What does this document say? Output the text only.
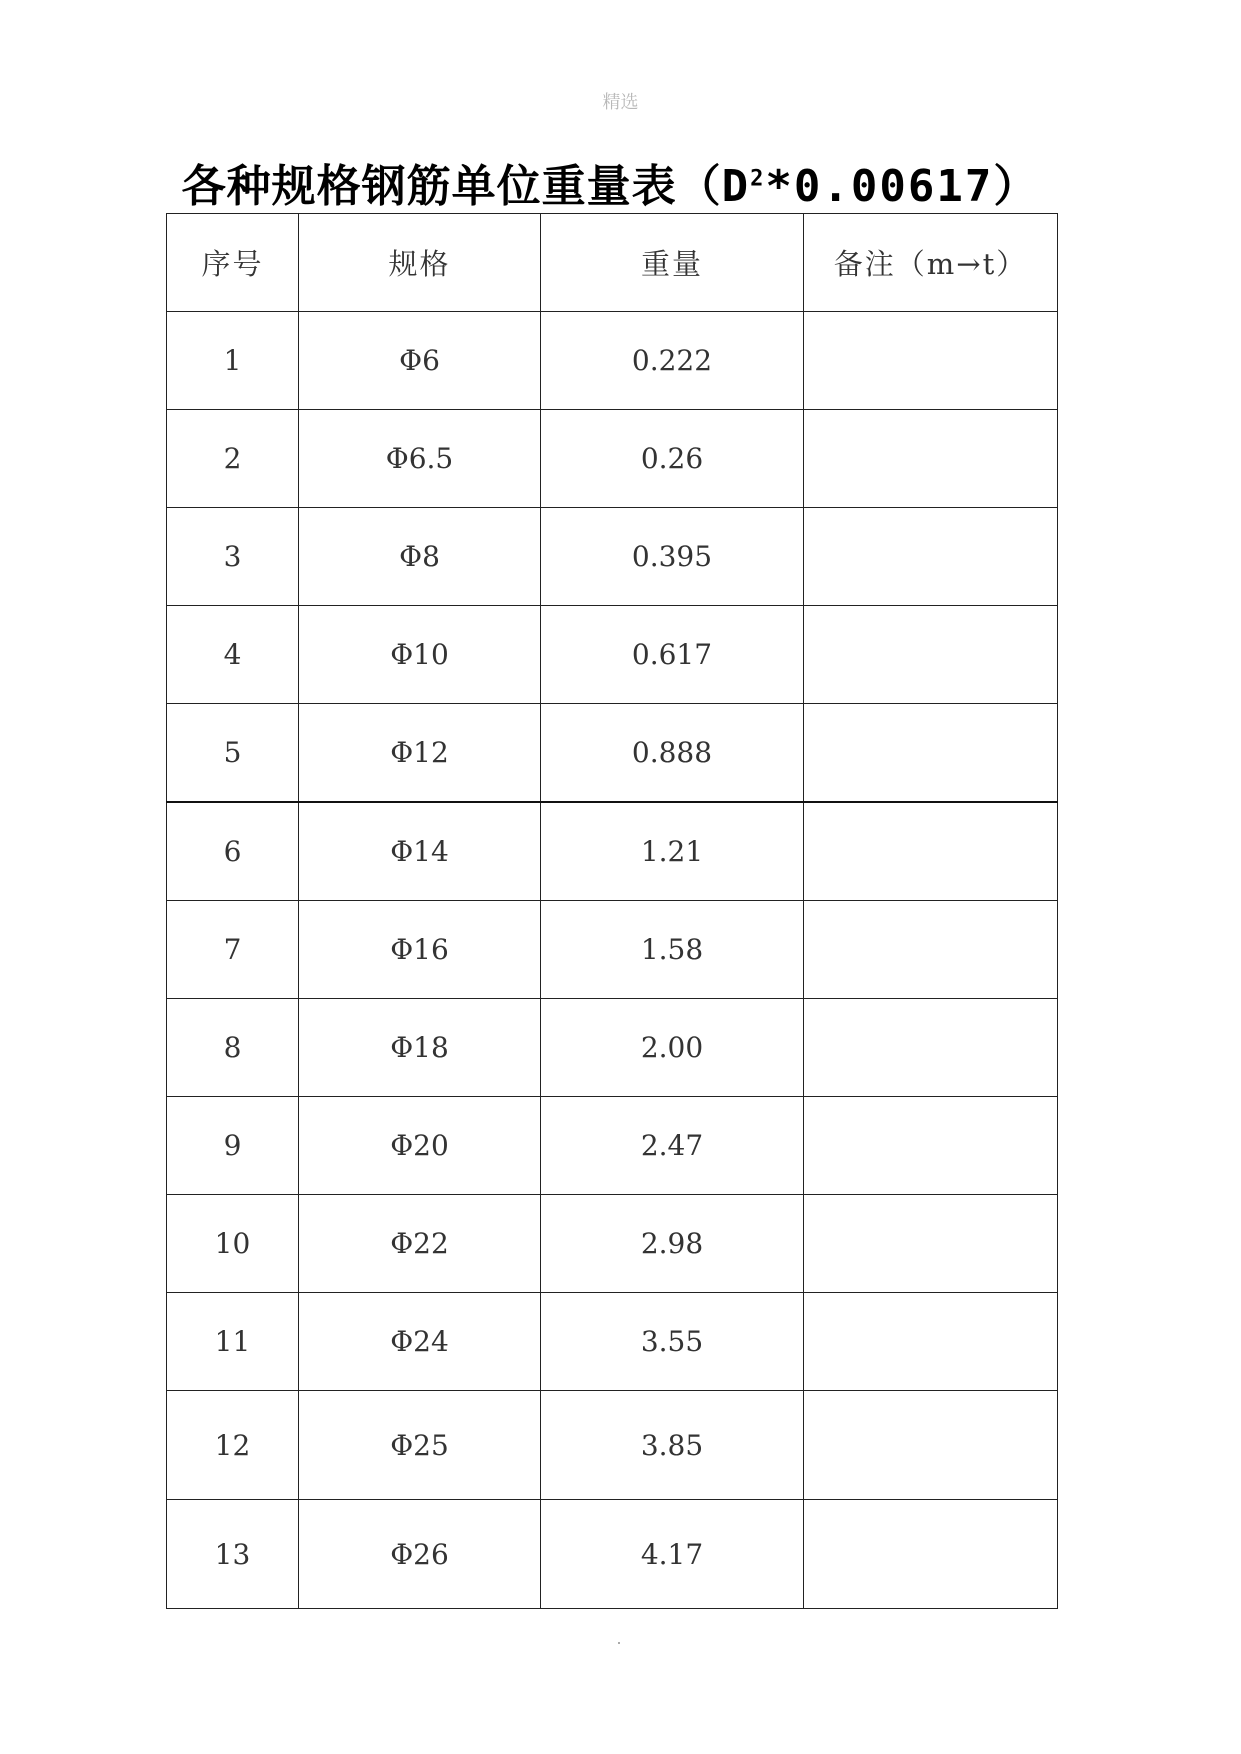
精选
各种规格钢筋单位重量表$(D^2*0.00617)$
序号	规格	重量	备注（m→t）
1	Φ6	0.222	
2	Φ6.5	0.26	
3	Φ8	0.395	
4	Φ10	0.617	
5	Φ12	0.888	
6	Φ14	1.21	
7	Φ16	1.58	
8	Φ18	2.00	
9	Φ20	2.47	
10	Φ22	2.98	
11	Φ24	3.55	
12	Φ25	3.85	
13	Φ26	4.17	
